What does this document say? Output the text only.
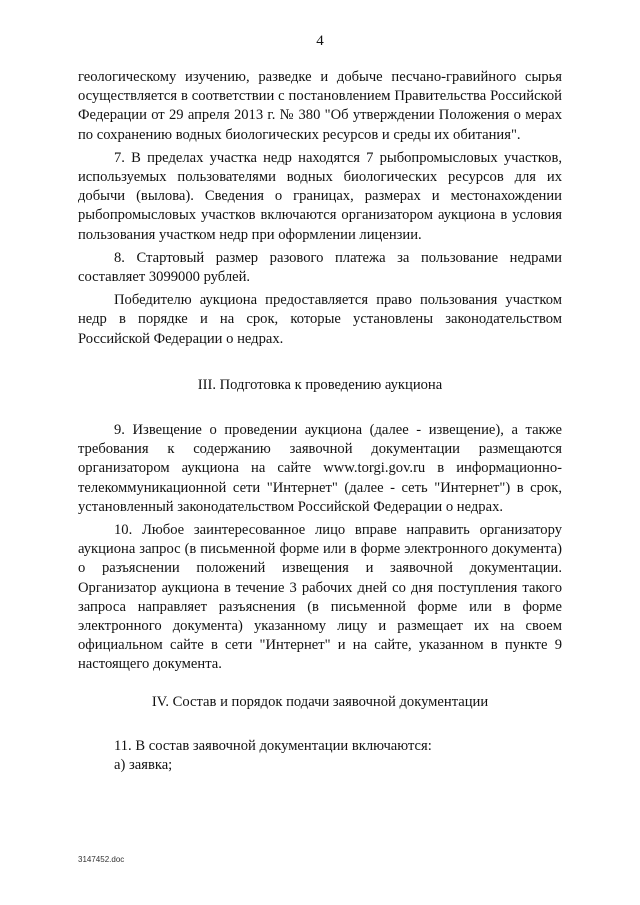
4

геологическому изучению, разведке и добыче песчано-гравийного сырья осуществляется в соответствии с постановлением Правительства Российской Федерации от 29 апреля 2013 г. № 380 "Об утверждении Положения о мерах по сохранению водных биологических ресурсов и среды их обитания".

7. В пределах участка недр находятся 7 рыбопромысловых участков, используемых пользователями водных биологических ресурсов для их добычи (вылова). Сведения о границах, размерах и местонахождении рыбопромысловых участков включаются организатором аукциона в условия пользования участком недр при оформлении лицензии.

8. Стартовый размер разового платежа за пользование недрами составляет 3099000 рублей.

Победителю аукциона предоставляется право пользования участком недр в порядке и на срок, которые установлены законодательством Российской Федерации о недрах.

III. Подготовка к проведению аукциона

9. Извещение о проведении аукциона (далее - извещение), а также требования к содержанию заявочной документации размещаются организатором аукциона на сайте www.torgi.gov.ru в информационно-телекоммуникационной сети "Интернет" (далее - сеть "Интернет") в срок, установленный законодательством Российской Федерации о недрах.

10. Любое заинтересованное лицо вправе направить организатору аукциона запрос (в письменной форме или в форме электронного документа) о разъяснении положений извещения и заявочной документации. Организатор аукциона в течение 3 рабочих дней со дня поступления такого запроса направляет разъяснения (в письменной форме или в форме электронного документа) указанному лицу и размещает их на своем официальном сайте в сети "Интернет" и на сайте, указанном в пункте 9 настоящего документа.

IV. Состав и порядок подачи заявочной документации

11. В состав заявочной документации включаются:

а) заявка;

3147452.doc
